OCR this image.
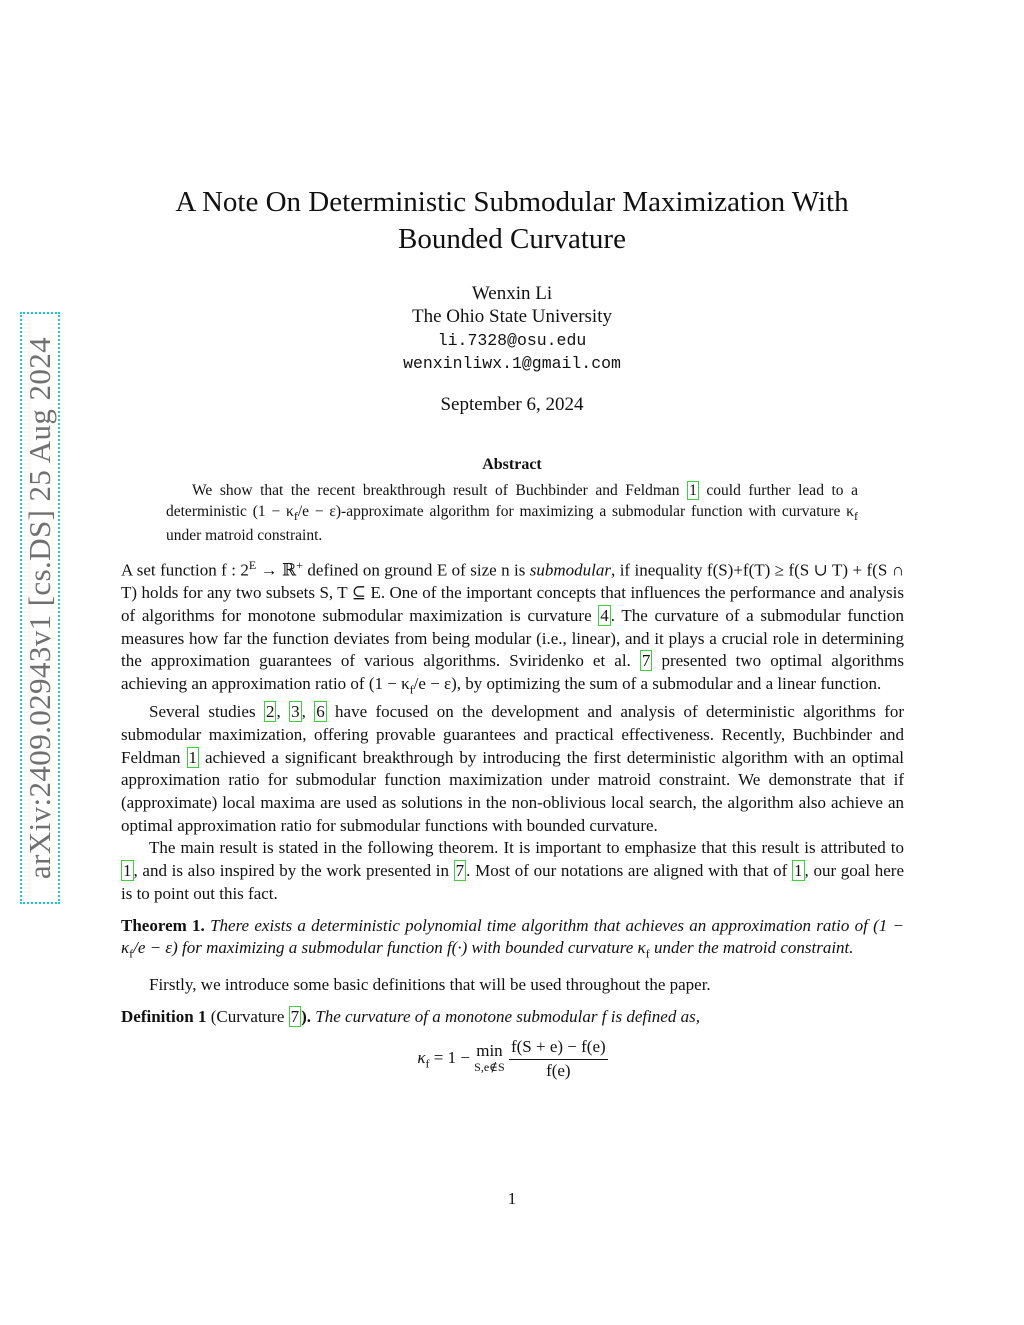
arXiv:2409.02943v1 [cs.DS] 25 Aug 2024
A Note On Deterministic Submodular Maximization With
Bounded Curvature
Wenxin Li
The Ohio State University
li.7328@osu.edu
wenxinliwx.1@gmail.com
September 6, 2024
Abstract

We show that the recent breakthrough result of Buchbinder and Feldman 1 could further lead to a deterministic ($1 - \kappa_f/e$ − ε)-approximate algorithm for maximizing a submodular function with curvature $\kappa_f$ under matroid constraint.

A set function f : $2^E$ → ℝ+ defined on ground E of size n is submodular, if inequality f(S)+f(T) ≥ f(S ∪ T) + f(S ∩ T) holds for any two subsets S, T ⊆ E. One of the important concepts that influences the performance and analysis of algorithms for monotone submodular maximization is curvature 4 . The curvature of a submodular function measures how far the function deviates from being modular (i.e., linear), and it plays a crucial role in determining the approximation guarantees of various algorithms. Sviridenko et al. 7 presented two optimal algorithms achieving an approximation ratio of $(1 - \kappa_f/e - \varepsilon)$, by optimizing the sum of a submodular and a linear function.

Several studies 2 , 3 , 6 have focused on the development and analysis of deterministic algorithms for submodular maximization, offering provable guarantees and practical effectiveness. Recently, Buchbinder and Feldman 1 achieved a significant breakthrough by introducing the first deterministic algorithm with an optimal approximation ratio for submodular function maximization under matroid constraint. We demonstrate that if (approximate) local maxima are used as solutions in the non-oblivious local search, the algorithm also achieve an optimal approximation ratio for submodular functions with bounded curvature.

The main result is stated in the following theorem. It is important to emphasize that this result is attributed to 1 , and is also inspired by the work presented in 7 . Most of our notations are aligned with that of 1 , our goal here is to point out this fact.

Theorem 1. There exists a deterministic polynomial time algorithm that achieves an approximation ratio of $(1 - \kappa_f/e - \varepsilon)$ for maximizing a submodular function f(·) with bounded curvature $\kappa_f$ under the matroid constraint.

Firstly, we introduce some basic definitions that will be used throughout the paper.

Definition 1 (Curvature 7 ). The curvature of a monotone submodular f is defined as,

$\kappa_f = 1 - \min$
S,e∉S $\frac{f(S + e) - f(e)}{f(e)}$
1
